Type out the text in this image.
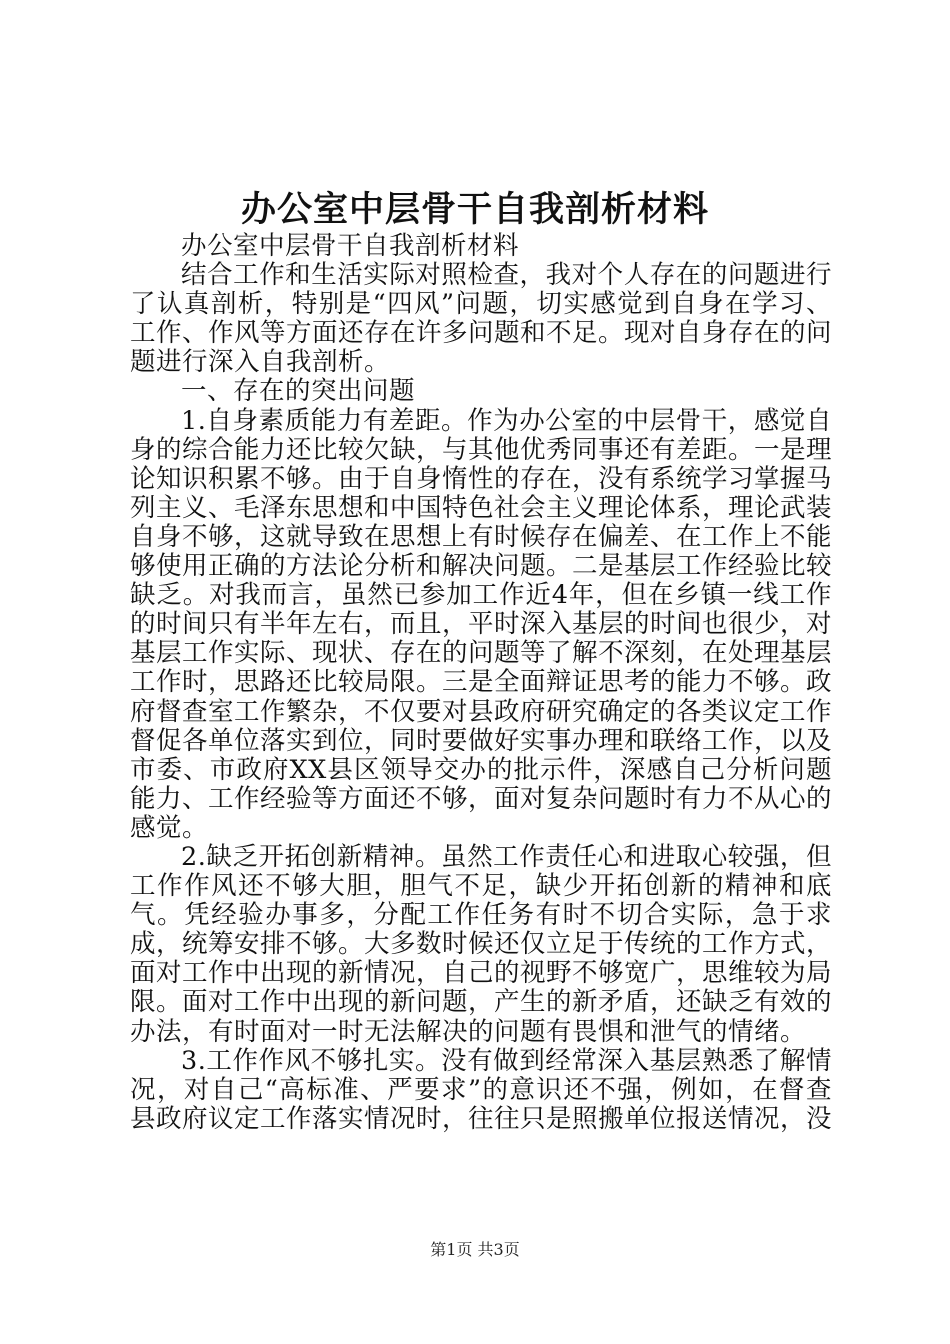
办公室中层骨干自我剖析材料

办公室中层骨干自我剖析材料

结合工作和生活实际对照检查，我对个人存在的问题进行了认真剖析，特别是“四风”问题，切实感觉到自身在学习、工作、作风等方面还存在许多问题和不足。现对自身存在的问题进行深入自我剖析。

一、存在的突出问题

1.自身素质能力有差距。作为办公室的中层骨干，感觉自身的综合能力还比较欠缺，与其他优秀同事还有差距。一是理论知识积累不够。由于自身惰性的存在，没有系统学习掌握马列主义、毛泽东思想和中国特色社会主义理论体系，理论武装自身不够，这就导致在思想上有时候存在偏差、在工作上不能够使用正确的方法论分析和解决问题。二是基层工作经验比较缺乏。对我而言，虽然已参加工作近4年，但在乡镇一线工作的时间只有半年左右，而且，平时深入基层的时间也很少，对基层工作实际、现状、存在的问题等了解不深刻，在处理基层工作时，思路还比较局限。三是全面辩证思考的能力不够。政府督查室工作繁杂，不仅要对县政府研究确定的各类议定工作督促各单位落实到位，同时要做好实事办理和联络工作，以及市委、市政府XX县区领导交办的批示件，深感自己分析问题能力、工作经验等方面还不够，面对复杂问题时有力不从心的感觉。

2.缺乏开拓创新精神。虽然工作责任心和进取心较强，但工作作风还不够大胆，胆气不足，缺少开拓创新的精神和底气。凭经验办事多，分配工作任务有时不切合实际，急于求成，统筹安排不够。大多数时候还仅立足于传统的工作方式，面对工作中出现的新情况，自己的视野不够宽广，思维较为局限。面对工作中出现的新问题，产生的新矛盾，还缺乏有效的办法，有时面对一时无法解决的问题有畏惧和泄气的情绪。

3.工作作风不够扎实。没有做到经常深入基层熟悉了解情况，对自己“高标准、严要求”的意识还不强，例如，在督查县政府议定工作落实情况时，往往只是照搬单位报送情况，没

第1页 共3页
